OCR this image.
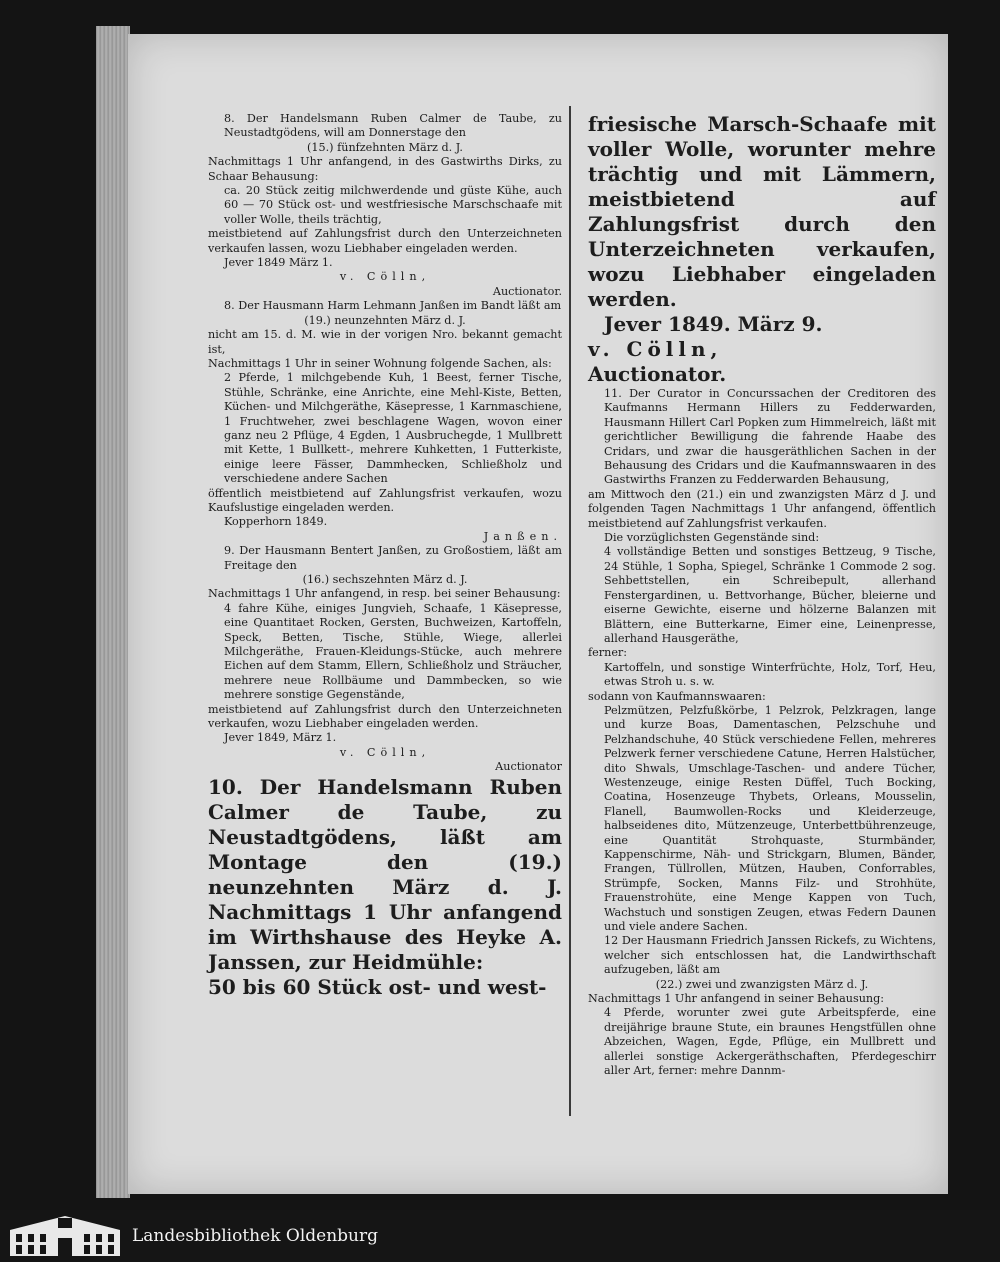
8. Der Handelsmann Ruben Calmer de Taube, zu Neustadtgödens, will am Donnerstage den

(15.) fünfzehnten März d. J.

Nachmittags 1 Uhr anfangend, in des Gastwirths Dirks, zu Schaar Behausung:

ca. 20 Stück zeitig milchwerdende und güste Kühe, auch 60 — 70 Stück ost- und westfriesische Marschschaafe mit voller Wolle, theils trächtig,

meistbietend auf Zahlungsfrist durch den Unterzeichneten verkaufen lassen, wozu Liebhaber eingeladen werden.

Jever 1849 März 1.

v. Cölln,

Auctionator.

8. Der Hausmann Harm Lehmann Janßen im Bandt läßt am

(19.) neunzehnten März d. J.

nicht am 15. d. M. wie in der vorigen Nro. bekannt gemacht ist,

Nachmittags 1 Uhr in seiner Wohnung folgende Sachen, als:

2 Pferde, 1 milchgebende Kuh, 1 Beest, ferner Tische, Stühle, Schränke, eine Anrichte, eine Mehl-Kiste, Betten, Küchen- und Milchgeräthe, Käsepresse, 1 Karnmaschiene, 1 Fruchtweher, zwei beschlagene Wagen, wovon einer ganz neu 2 Pflüge, 4 Egden, 1 Ausbruchegde, 1 Mullbrett mit Kette, 1 Bullkett-, mehrere Kuhketten, 1 Futterkiste, einige leere Fässer, Dammhecken, Schließholz und verschiedene andere Sachen

öffentlich meistbietend auf Zahlungsfrist verkaufen, wozu Kaufslustige eingeladen werden.

Kopperhorn 1849.

Janßen.

9. Der Hausmann Bentert Janßen, zu Großostiem, läßt am Freitage den

(16.) sechszehnten März d. J.

Nachmittags 1 Uhr anfangend, in resp. bei seiner Behausung:

4 fahre Kühe, einiges Jungvieh, Schaafe, 1 Käsepresse, eine Quantitaet Rocken, Gersten, Buchweizen, Kartoffeln, Speck, Betten, Tische, Stühle, Wiege, allerlei Milchgeräthe, Frauen-Kleidungs-Stücke, auch mehrere Eichen auf dem Stamm, Ellern, Schließholz und Sträucher, mehrere neue Rollbäume und Dammbecken, so wie mehrere sonstige Gegenstände,

meistbietend auf Zahlungsfrist durch den Unterzeichneten verkaufen, wozu Liebhaber eingeladen werden.

Jever 1849, März 1.

v. Cölln,

Auctionator

10. Der Handelsmann Ruben Calmer de Taube, zu Neustadtgödens, läßt am Montage den (19.) neunzehnten März d. J. Nachmittags 1 Uhr anfangend im Wirthshause des Heyke A. Janssen, zur Heidmühle:

50 bis 60 Stück ost- und west-

friesische Marsch-Schaafe mit voller Wolle, worunter mehre trächtig und mit Lämmern, meistbietend auf Zahlungsfrist durch den Unterzeichneten verkaufen, wozu Liebhaber eingeladen werden.

Jever 1849. März 9.

v. Cölln,

Auctionator.

11. Der Curator in Concurssachen der Creditoren des Kaufmanns Hermann Hillers zu Fedderwarden, Hausmann Hillert Carl Popken zum Himmelreich, läßt mit gerichtlicher Bewilligung die fahrende Haabe des Cridars, und zwar die hausgeräthlichen Sachen in der Behausung des Cridars und die Kaufmannswaaren in des Gastwirths Franzen zu Fedderwarden Behausung,

am Mittwoch den (21.) ein und zwanzigsten März d J. und folgenden Tagen Nachmittags 1 Uhr anfangend, öffentlich meistbietend auf Zahlungsfrist verkaufen.

Die vorzüglichsten Gegenstände sind:

4 vollständige Betten und sonstiges Bettzeug, 9 Tische, 24 Stühle, 1 Sopha, Spiegel, Schränke 1 Commode 2 sog. Sehbettstellen, ein Schreibepult, allerhand Fenstergardinen, u. Bettvorhange, Bücher, bleierne und eiserne Gewichte, eiserne und hölzerne Balanzen mit Blättern, eine Butterkarne, Eimer eine, Leinenpresse, allerhand Hausgeräthe,

ferner:

Kartoffeln, und sonstige Winterfrüchte, Holz, Torf, Heu, etwas Stroh u. s. w.

sodann von Kaufmannswaaren:

Pelzmützen, Pelzfußkörbe, 1 Pelzrok, Pelzkragen, lange und kurze Boas, Damentaschen, Pelzschuhe und Pelzhandschuhe, 40 Stück verschiedene Fellen, mehreres Pelzwerk ferner verschiedene Catune, Herren Halstücher, dito Shwals, Umschlage-Taschen- und andere Tücher, Westenzeuge, einige Resten Düffel, Tuch Bocking, Coatina, Hosenzeuge Thybets, Orleans, Mousselin, Flanell, Baumwollen-Rocks und Kleiderzeuge, halbseidenes dito, Mützenzeuge, Unterbettbührenzeuge, eine Quantität Strohquaste, Sturmbänder, Kappenschirme, Näh- und Strickgarn, Blumen, Bänder, Frangen, Tüllrollen, Mützen, Hauben, Conforrables, Strümpfe, Socken, Manns Filz- und Strohhüte, Frauenstrohüte, eine Menge Kappen von Tuch, Wachstuch und sonstigen Zeugen, etwas Federn Daunen und viele andere Sachen.

12 Der Hausmann Friedrich Janssen Rickefs, zu Wichtens, welcher sich entschlossen hat, die Landwirthschaft aufzugeben, läßt am

(22.) zwei und zwanzigsten März d. J.

Nachmittags 1 Uhr anfangend in seiner Behausung:

4 Pferde, worunter zwei gute Arbeitspferde, eine dreijährige braune Stute, ein braunes Hengstfüllen ohne Abzeichen, Wagen, Egde, Pflüge, ein Mullbrett und allerlei sonstige Ackergeräthschaften, Pferdegeschirr aller Art, ferner: mehre Dannm-

Landesbibliothek Oldenburg
